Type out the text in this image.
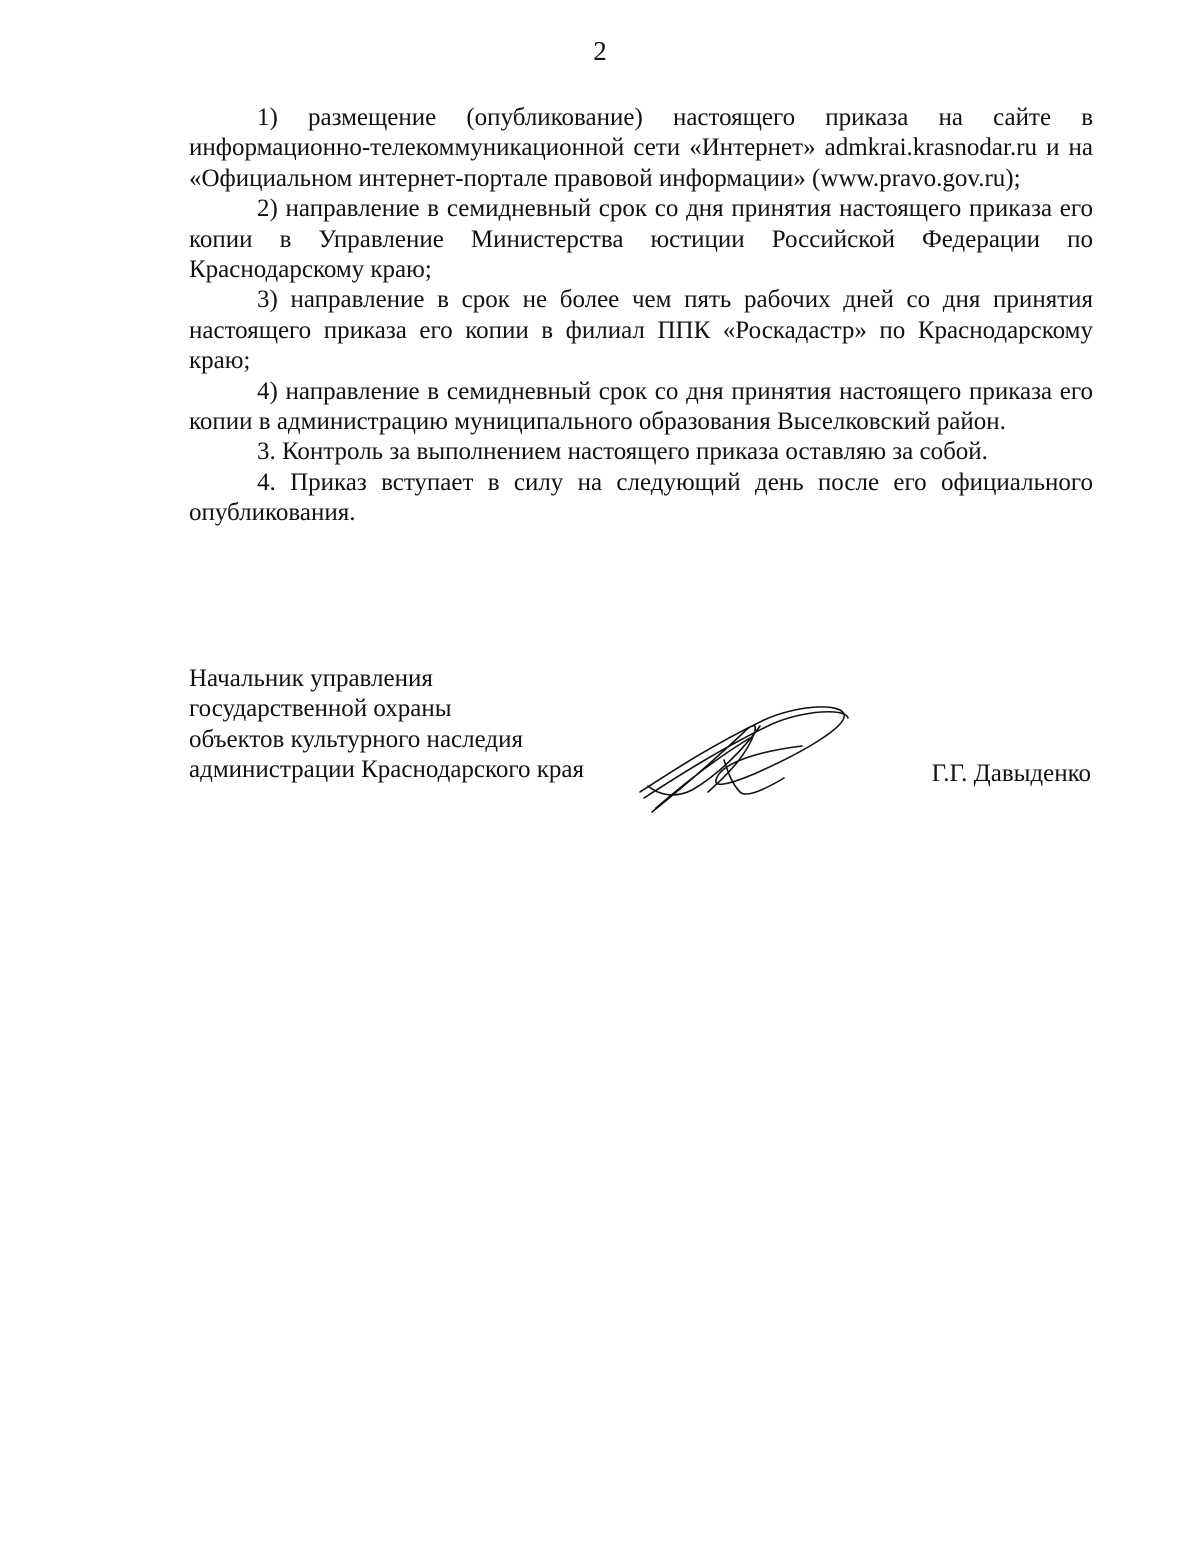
2

1) размещение (опубликование) настоящего приказа на сайте в информационно-телекоммуникационной сети «Интернет» admkrai.krasnodar.ru и на «Официальном интернет-портале правовой информации» (www.pravo.gov.ru);

2) направление в семидневный срок со дня принятия настоящего приказа его копии в Управление Министерства юстиции Российской Федерации по Краснодарскому краю;

3) направление в срок не более чем пять рабочих дней со дня принятия настоящего приказа его копии в филиал ППК «Роскадастр» по Краснодарскому краю;

4) направление в семидневный срок со дня принятия настоящего приказа его копии в администрацию муниципального образования Выселковский район.

3. Контроль за выполнением настоящего приказа оставляю за собой.

4. Приказ вступает в силу на следующий день после его официального опубликования.

Начальник управления
государственной охраны
объектов культурного наследия
администрации Краснодарского края	Г.Г. Давыденко
